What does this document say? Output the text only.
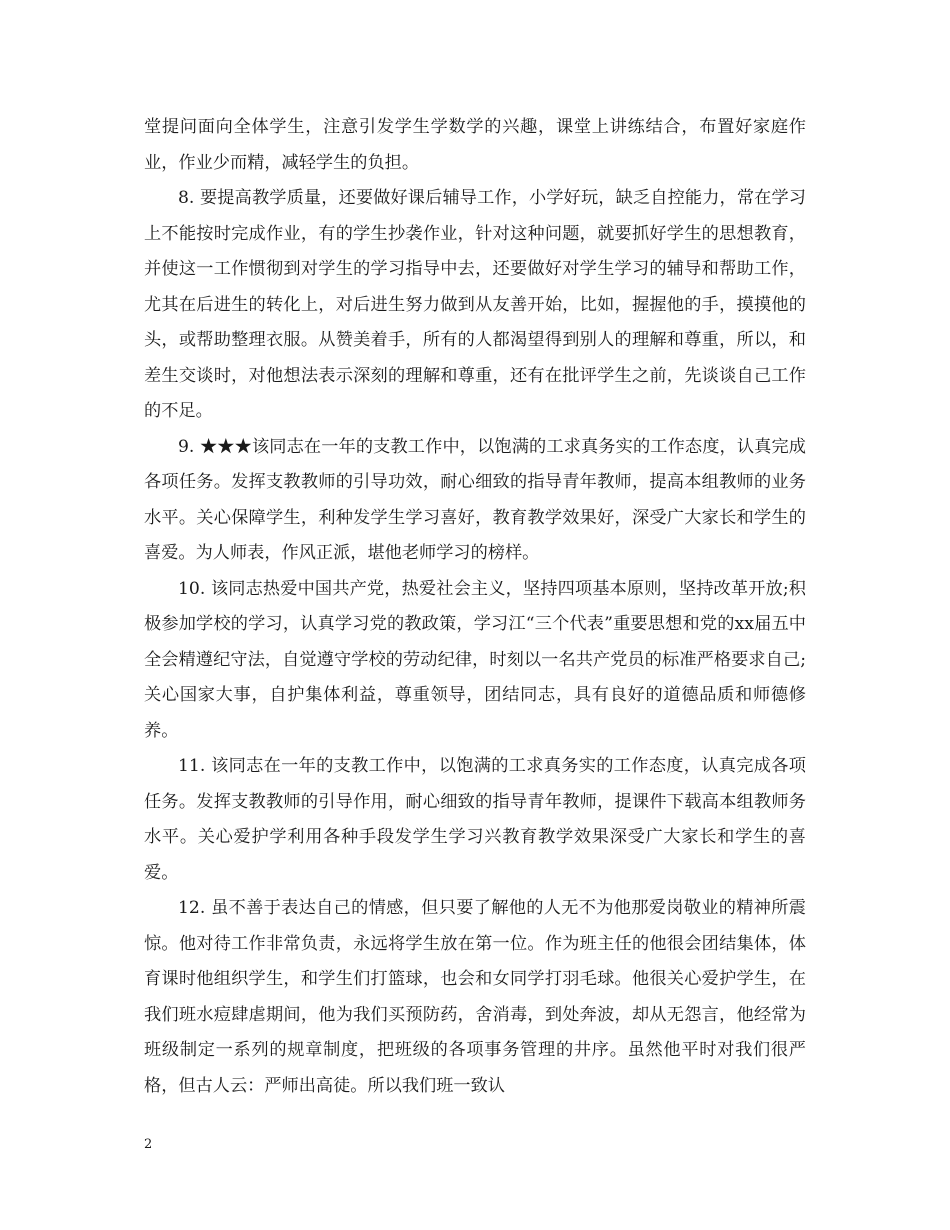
堂提问面向全体学生，注意引发学生学数学的兴趣，课堂上讲练结合，布置好家庭作业，作业少而精，减轻学生的负担。

8. 要提高教学质量，还要做好课后辅导工作，小学好玩，缺乏自控能力，常在学习上不能按时完成作业，有的学生抄袭作业，针对这种问题，就要抓好学生的思想教育，并使这一工作惯彻到对学生的学习指导中去，还要做好对学生学习的辅导和帮助工作，尤其在后进生的转化上，对后进生努力做到从友善开始，比如，握握他的手，摸摸他的头，或帮助整理衣服。从赞美着手，所有的人都渴望得到别人的理解和尊重，所以，和差生交谈时，对他想法表示深刻的理解和尊重，还有在批评学生之前，先谈谈自己工作的不足。

9. ★★★该同志在一年的支教工作中，以饱满的工求真务实的工作态度，认真完成各项任务。发挥支教教师的引导功效，耐心细致的指导青年教师，提高本组教师的业务水平。关心保障学生，利种发学生学习喜好，教育教学效果好，深受广大家长和学生的喜爱。为人师表，作风正派，堪他老师学习的榜样。

10. 该同志热爱中国共产党，热爱社会主义，坚持四项基本原则，坚持改革开放;积极参加学校的学习，认真学习党的教政策，学习江“三个代表”重要思想和党的xx届五中全会精遵纪守法，自觉遵守学校的劳动纪律，时刻以一名共产党员的标准严格要求自己;关心国家大事，自护集体利益，尊重领导，团结同志，具有良好的道德品质和师德修养。

11. 该同志在一年的支教工作中，以饱满的工求真务实的工作态度，认真完成各项任务。发挥支教教师的引导作用，耐心细致的指导青年教师，提课件下载高本组教师务水平。关心爱护学利用各种手段发学生学习兴教育教学效果深受广大家长和学生的喜爱。

12. 虽不善于表达自己的情感，但只要了解他的人无不为他那爱岗敬业的精神所震惊。他对待工作非常负责，永远将学生放在第一位。作为班主任的他很会团结集体，体育课时他组织学生，和学生们打篮球，也会和女同学打羽毛球。他很关心爱护学生，在我们班水痘肆虐期间，他为我们买预防药，舍消毒，到处奔波，却从无怨言，他经常为班级制定一系列的规章制度，把班级的各项事务管理的井序。虽然他平时对我们很严格，但古人云：严师出高徒。所以我们班一致认

2
